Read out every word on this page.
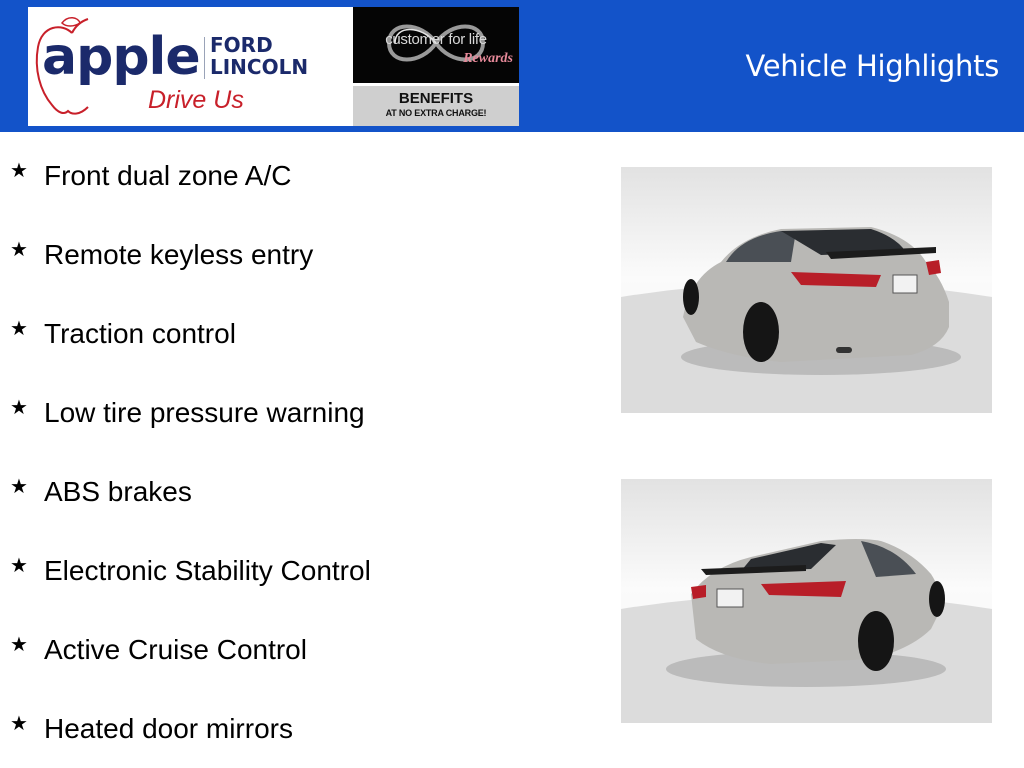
apple FORD
LINCOLN
Drive Us
customer for life
Rewards
BENEFITS
AT NO EXTRA CHARGE!
Vehicle Highlights
★ Front dual zone A/C
★ Remote keyless entry
★ Traction control
★ Low tire pressure warning
★ ABS brakes
★ Electronic Stability Control
★ Active Cruise Control
★ Heated door mirrors
